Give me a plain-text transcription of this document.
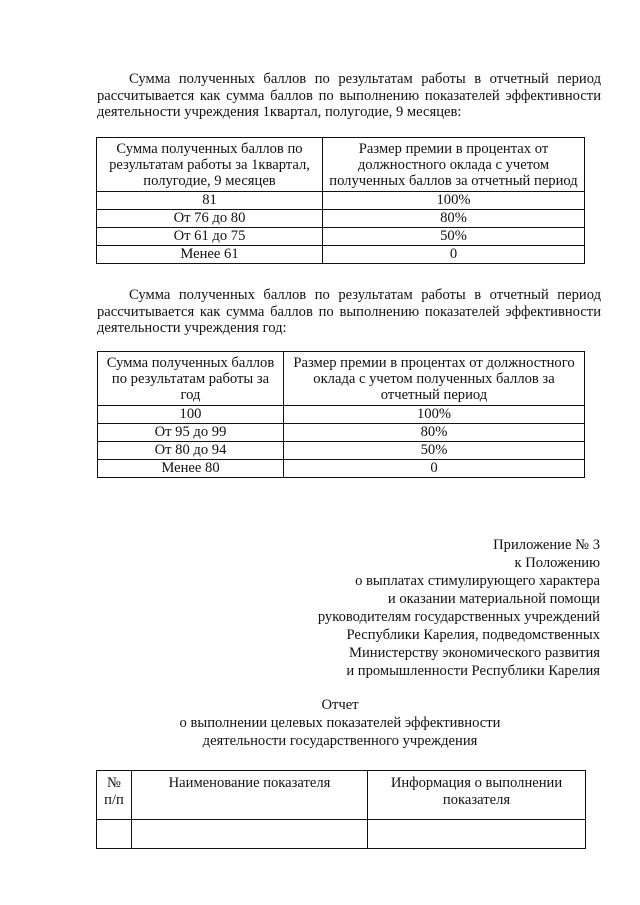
Сумма полученных баллов по результатам работы в отчетный период рассчитывается как сумма баллов по выполнению показателей эффективности деятельности учреждения 1квартал, полугодие, 9 месяцев:

Сумма полученных баллов по результатам работы за 1квартал, полугодие, 9 месяцев	Размер премии в процентах от должностного оклада с учетом полученных баллов за отчетный период
81	100%
От 76 до 80	80%
От 61 до 75	50%
Менее 61	0

Сумма полученных баллов по результатам работы в отчетный период рассчитывается как сумма баллов по выполнению показателей эффективности деятельности учреждения год:

Сумма полученных баллов по результатам работы за год	Размер премии в процентах от должностного оклада с учетом полученных баллов за отчетный период
100	100%
От 95 до 99	80%
От 80 до 94	50%
Менее 80	0
Приложение № 3
к Положению
о выплатах стимулирующего характера
и оказании материальной помощи
руководителям государственных учреждений
Республики Карелия, подведомственных
Министерству экономического развития
и промышленности Республики Карелия
Отчет
о выполнении целевых показателей эффективности
деятельности государственного учреждения
№ п/п	Наименование показателя	Информация о выполнении показателя
